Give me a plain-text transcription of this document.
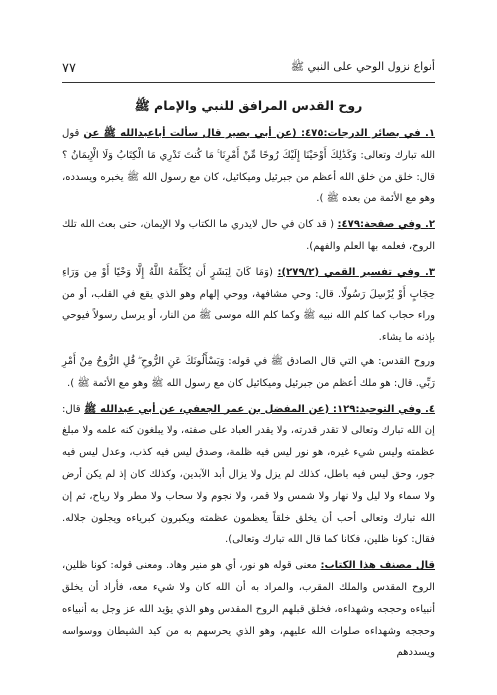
أنواع نزول الوحي على النبي ﷺ
٧٧
روح القدس المرافق للنبي والإمام ﷺ

١. في بصائر الدرجات:٤٧٥: (عن أبي بصير قال سألت أباعبدالله ﷺ عن قول الله تبارك وتعالى: وَكَذَٰلِكَ أَوْحَيْنَا إِلَيْكَ رُوحًا مِّنْ أَمْرِنَا ۚ مَا كُنتَ تَدْرِي مَا الْكِتَابُ وَلَا الْإِيمَانُ ؟ قال: خلق من خلق الله أعظم من جبرئيل وميكائيل، كان مع رسول الله ﷺ يخبره ويسدده، وهو مع الأئمة من بعده ﷺ ).

٢. وفي صفحة:٤٧٩: ( قد كان في حال لايدري ما الكتاب ولا الإيمان، حتى بعث الله تلك الروح، فعلمه بها العلم والفهم).

٣. وفي تفسير القمي (٢٧٩/٢): (وَمَا كَانَ لِبَشَرٍ أَن يُكَلِّمَهُ اللَّهُ إِلَّا وَحْيًا أَوْ مِن وَرَاءِ حِجَابٍ أَوْ يُرْسِلَ رَسُولًا. قال: وحي مشافهة، ووحي إلهام وهو الذي يقع في القلب، أو من وراء حجاب كما كلم الله نبيه ﷺ وكما كلم الله موسى ﷺ من النار، أو يرسل رسولاً فيوحي بإذنه ما يشاء.

وروح القدس: هي التي قال الصادق ﷺ في قوله: وَيَسْأَلُونَكَ عَنِ الرُّوحِ ۖ قُلِ الرُّوحُ مِنْ أَمْرِ رَبِّي. قال: هو ملك أعظم من جبرئيل وميكائيل كان مع رسول الله ﷺ وهو مع الأئمة ﷺ ).

٤. وفي التوحيد:١٢٩: (عن المفضل بن عمر الجعفي، عن أبي عبدالله ﷺ قال: إن الله تبارك وتعالى لا تقدر قدرته، ولا يقدر العباد على صفته، ولا يبلغون كنه علمه ولا مبلغ عظمته وليس شيء غيره، هو نور ليس فيه ظلمة، وصدق ليس فيه كذب، وعدل ليس فيه جور، وحق ليس فيه باطل، كذلك لم يزل ولا يزال أبد الآبدين، وكذلك كان إذ لم يكن أرض ولا سماء ولا ليل ولا نهار ولا شمس ولا قمر، ولا نجوم ولا سحاب ولا مطر ولا رياح، ثم إن الله تبارك وتعالى أحب أن يخلق خلقاً يعظمون عظمته ويكبرون كبرياءه ويجلون جلاله. فقال: كونا ظلين، فكانا كما قال الله تبارك وتعالى).

قال مصنف هذا الكتاب: معنى قوله هو نور، أي هو منير وهاد. ومعنى قوله: كونا ظلين، الروح المقدس والملك المقرب، والمراد به أن الله كان ولا شيء معه، فأراد أن يخلق أنبياءه وحججه وشهداءه، فخلق قبلهم الروح المقدس وهو الذي يؤيد الله عز وجل به أنبياءه وحججه وشهداءه صلوات الله عليهم، وهو الذي يحرسهم به من كيد الشيطان ووسواسه ويسددهم
